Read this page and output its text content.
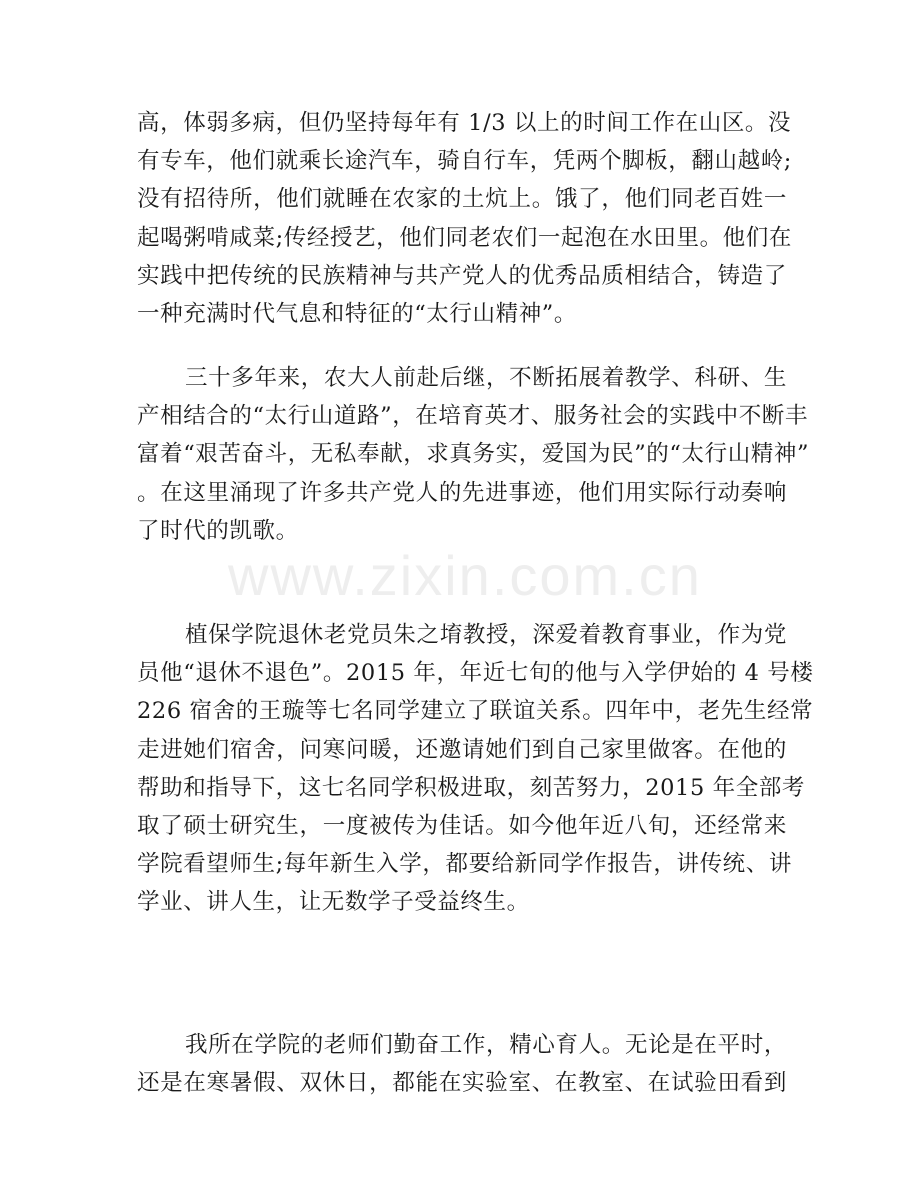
www.zixin.com.cn
高，体弱多病，但仍坚持每年有 1/3 以上的时间工作在山区。没
有专车，他们就乘长途汽车，骑自行车，凭两个脚板，翻山越岭;
没有招待所，他们就睡在农家的土炕上。饿了，他们同老百姓一
起喝粥啃咸菜;传经授艺，他们同老农们一起泡在水田里。他们在
实践中把传统的民族精神与共产党人的优秀品质相结合，铸造了
一种充满时代气息和特征的“太行山精神”。
三十多年来，农大人前赴后继，不断拓展着教学、科研、生
产相结合的“太行山道路”，在培育英才、服务社会的实践中不断丰
富着“艰苦奋斗，无私奉献，求真务实，爱国为民”的“太行山精神”
。在这里涌现了许多共产党人的先进事迹，他们用实际行动奏响
了时代的凯歌。
植保学院退休老党员朱之堉教授，深爱着教育事业，作为党
员他“退休不退色”。2015 年，年近七旬的他与入学伊始的 4 号楼
226 宿舍的王璇等七名同学建立了联谊关系。四年中，老先生经常
走进她们宿舍，问寒问暖，还邀请她们到自己家里做客。在他的
帮助和指导下，这七名同学积极进取，刻苦努力，2015 年全部考
取了硕士研究生，一度被传为佳话。如今他年近八旬，还经常来
学院看望师生;每年新生入学，都要给新同学作报告，讲传统、讲
学业、讲人生，让无数学子受益终生。
我所在学院的老师们勤奋工作，精心育人。无论是在平时，
还是在寒暑假、双休日，都能在实验室、在教室、在试验田看到
